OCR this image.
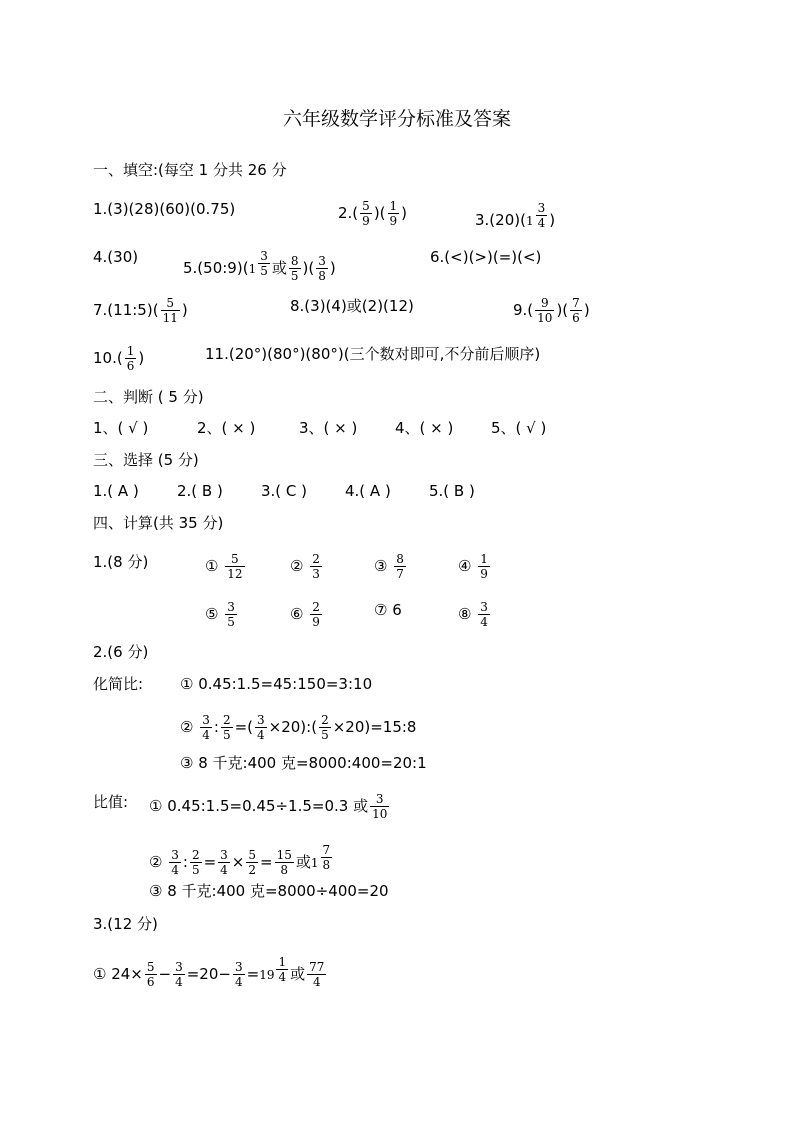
六年级数学评分标准及答案
一、填空:(每空 1 分共 26 分
1.(3)(28)(60)(0.75)	$2.( \frac{5}{9}$ )( $\frac{1}{9}$ )	3.(20)( $1 \frac{3}{4}$ )
4.(30)
5.(50:9)( $1 \frac{3}{5}$ 或 $\frac{8}{5}$ )( $\frac{3}{8}$ )
6.(<)(>)(=)(<)
7.(11:5)( $\frac{5}{11}$ )	8.(3)(4)或(2)(12)	$9.( \frac{9}{10}$ )( $\frac{7}{6}$ )
$10.( \frac{1}{6}$ )	11.(20°)(80°)(80°)(三个数对即可,不分前后顺序)
二、判断 ( 5 分)
1、( √ )	2、( × )	3、( × )	4、( × )	5、( √ )
三、选择 (5 分)
1.( A )	2.( B )	3.( C )	4.( A )	5.( B )
四、计算(共 35 分)
1.(8 分)	① $\frac{5}{12}$	② $\frac{2}{3}$	③ $\frac{8}{7}$	④ $\frac{1}{9}$
⑤ $\frac{3}{5}$	⑥ $\frac{2}{9}$	⑦ 6	⑧ $\frac{3}{4}$
2.(6 分)
化简比: ① 0.45:1.5=45:150=3:10
② $\frac{3}{4}$ : $\frac{2}{5}$ =( $\frac{3}{4}$ ×20):( $\frac{2}{5}$ ×20)=15:8
③ 8 千克:400 克=8000:400=20:1
比值: ① 0.45:1.5=0.45÷1.5=0.3 或 $\frac{3}{10}$
② $\frac{3}{4}$ : $\frac{2}{5} = \frac{3}{4} \times \frac{5}{2} = \frac{15}{8}$ 或 $1 \frac{7}{8}$
③ 8 千克:400 克=8000÷400=20
3.(12 分)
① $24\times \frac{5}{6} - \frac{3}{4} =20- \frac{3}{4} = 19 \frac{1}{4}$ 或 $\frac{77}{4}$
